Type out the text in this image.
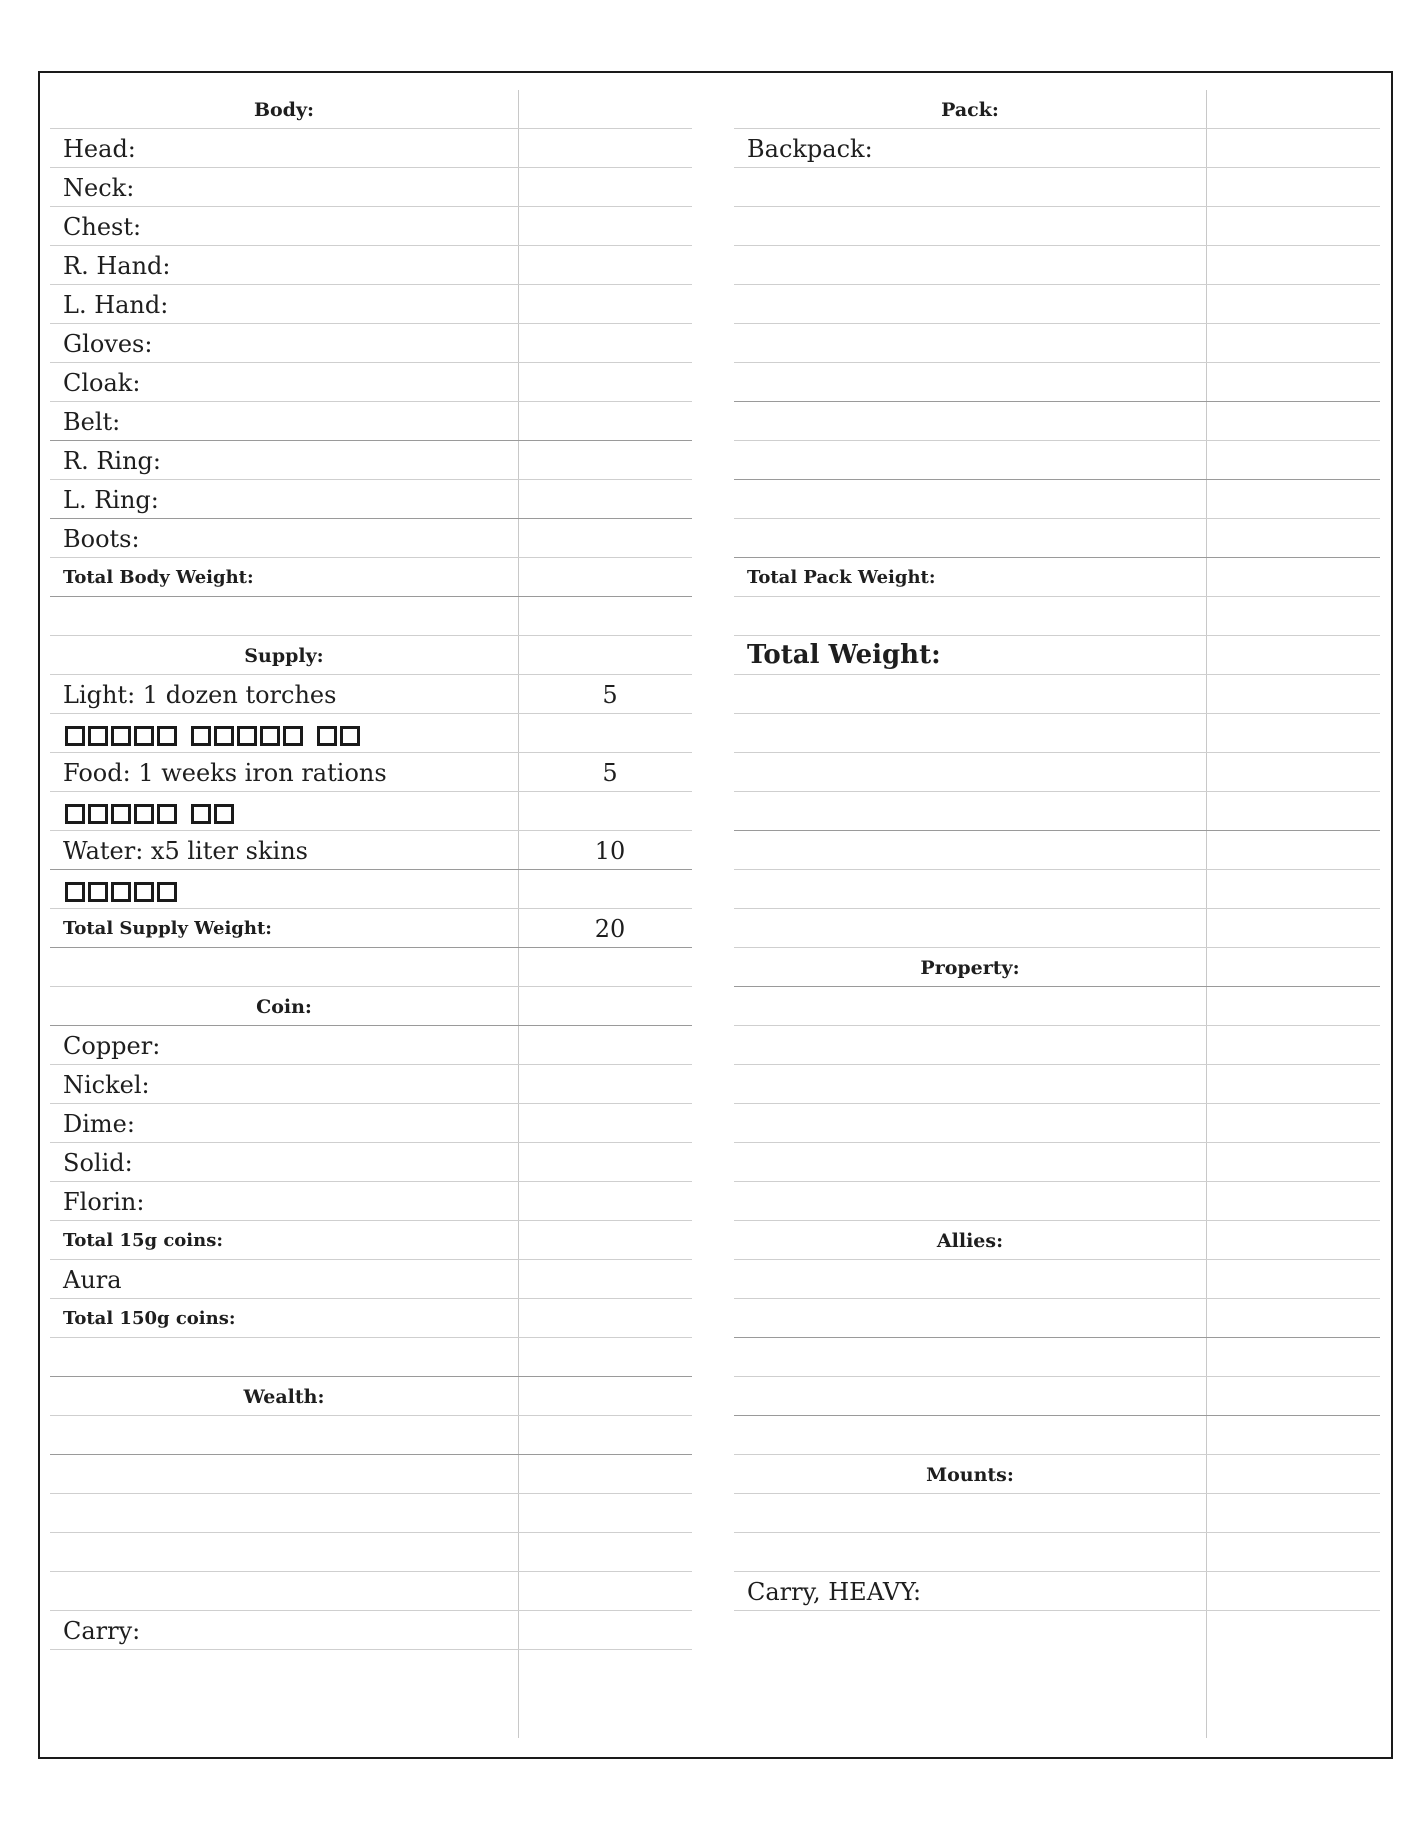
Body:
Head:
Neck:
Chest:
R. Hand:
L. Hand:
Gloves:
Cloak:
Belt:
R. Ring:
L. Ring:
Boots:
Total Body Weight:
Supply:
Light: 1 dozen torches	5
Food: 1 weeks iron rations	5
Water: x5 liter skins	10
Total Supply Weight:	20
Coin:
Copper:
Nickel:
Dime:
Solid:
Florin:
Total 15g coins:
Aura
Total 150g coins:
Wealth:
Carry:
Pack:
Backpack:
Total Pack Weight:
Total Weight:
Property:
Allies:
Mounts:
Carry, HEAVY:
